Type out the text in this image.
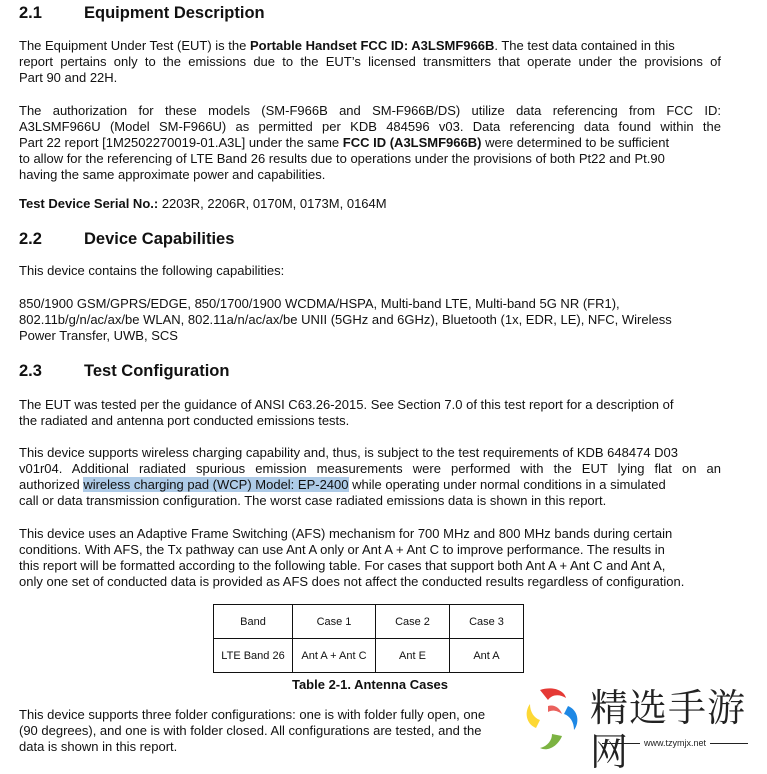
2.1	Equipment Description
The Equipment Under Test (EUT) is the Portable Handset FCC ID: A3LSMF966B. The test data contained in this
report pertains only to the emissions due to the EUT’s licensed transmitters that operate under the provisions of
Part 90 and 22H.
The authorization for these models (SM-F966B and SM-F966B/DS) utilize data referencing from FCC ID:
A3LSMF966U (Model SM-F966U) as permitted per KDB 484596 v03. Data referencing data found within the
Part 22 report [1M2502270019-01.A3L] under the same FCC ID (A3LSMF966B) were determined to be sufficient
to allow for the referencing of LTE Band 26 results due to operations under the provisions of both Pt22 and Pt.90
having the same approximate power and capabilities.
Test Device Serial No.: 2203R, 2206R, 0170M, 0173M, 0164M
2.2	Device Capabilities
This device contains the following capabilities:
850/1900 GSM/GPRS/EDGE, 850/1700/1900 WCDMA/HSPA, Multi-band LTE, Multi-band 5G NR (FR1),
802.11b/g/n/ac/ax/be WLAN, 802.11a/n/ac/ax/be UNII (5GHz and 6GHz), Bluetooth (1x, EDR, LE), NFC, Wireless
Power Transfer, UWB, SCS
2.3	Test Configuration
The EUT was tested per the guidance of ANSI C63.26-2015. See Section 7.0 of this test report for a description of
the radiated and antenna port conducted emissions tests.
This device supports wireless charging capability and, thus, is subject to the test requirements of KDB 648474 D03
v01r04. Additional radiated spurious emission measurements were performed with the EUT lying flat on an
authorized wireless charging pad (WCP) Model: EP-2400 while operating under normal conditions in a simulated
call or data transmission configuration. The worst case radiated emissions data is shown in this report.
This device uses an Adaptive Frame Switching (AFS) mechanism for 700 MHz and 800 MHz bands during certain
conditions. With AFS, the Tx pathway can use Ant A only or Ant A + Ant C to improve performance. The results in
this report will be formatted according to the following table. For cases that support both Ant A + Ant C and Ant A,
only one set of conducted data is provided as AFS does not affect the conducted results regardless of configuration.
Band	Case 1	Case 2	Case 3
LTE Band 26	Ant A + Ant C	Ant E	Ant A
Table 2-1. Antenna Cases
This device supports three folder configurations: one is with folder fully open, one
(90 degrees), and one is with folder closed. All configurations are tested, and the
data is shown in this report.
精选手游网	www.tzymjx.net
